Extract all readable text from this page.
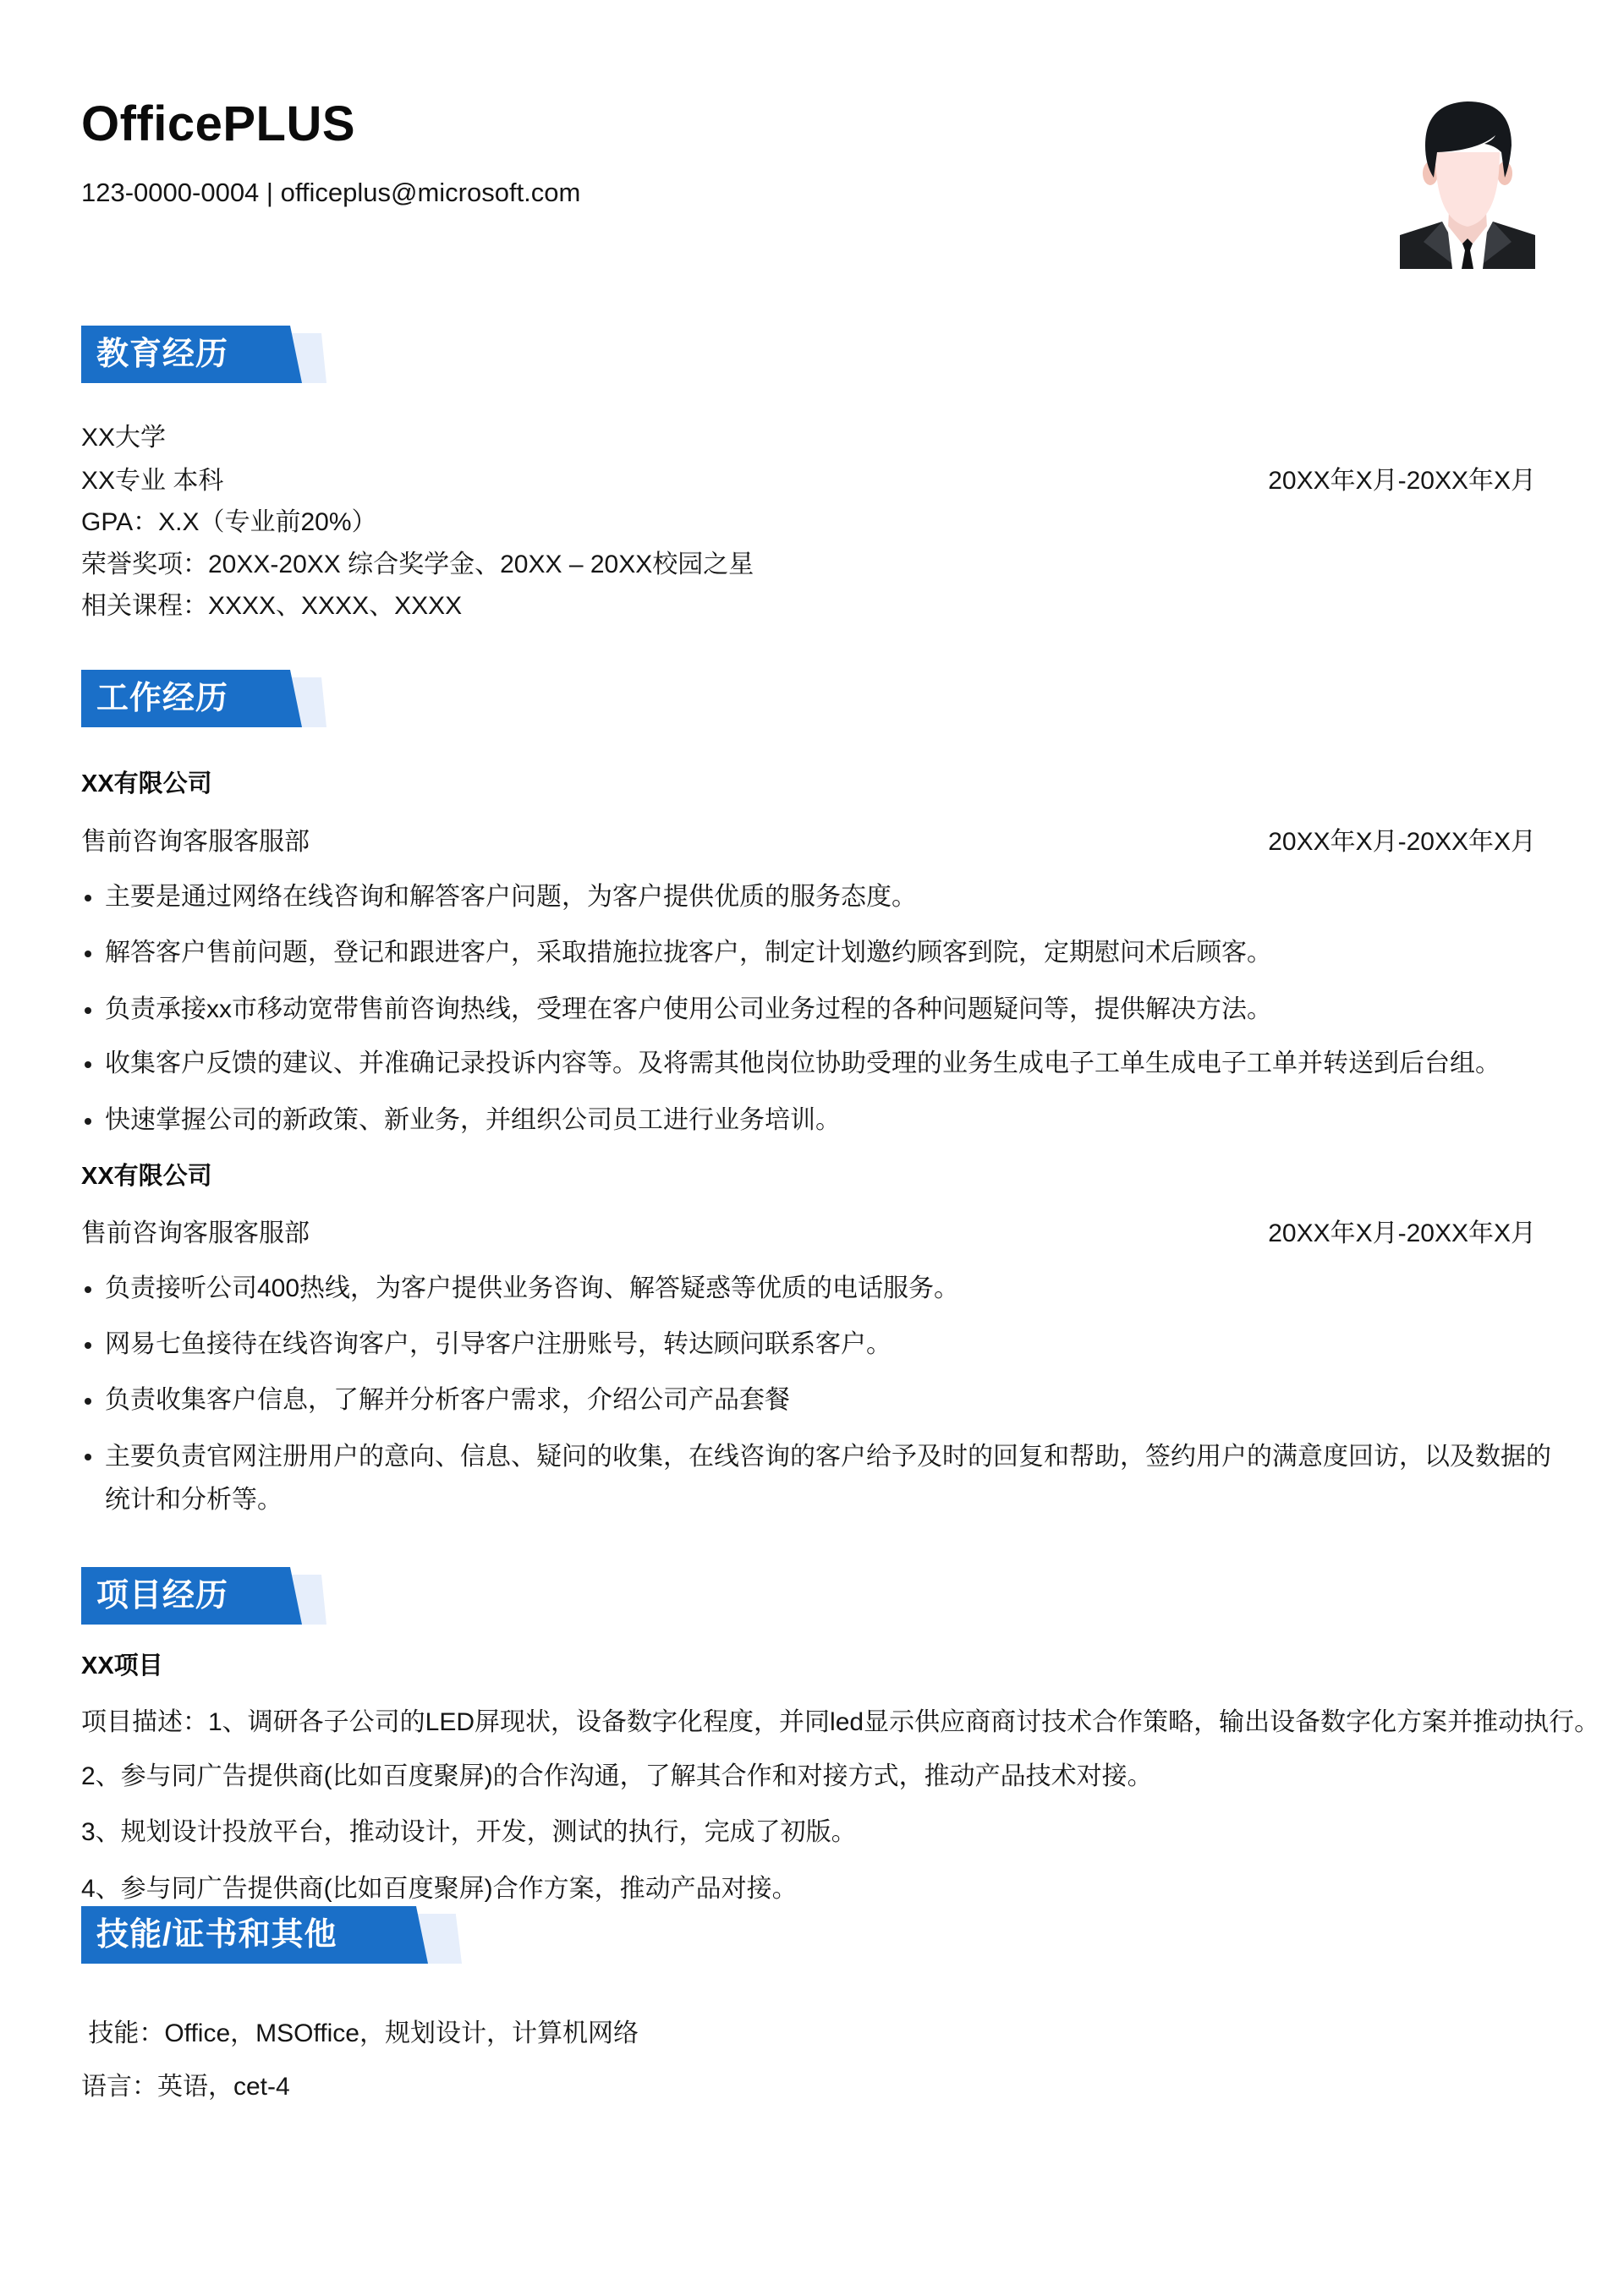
OfficePLUS
123-0000-0004 | officeplus@microsoft.com
教育经历
XX大学
XX专业 本科	20XX年X月-20XX年X月
GPA：X.X（专业前20%）
荣誉奖项：20XX-20XX 综合奖学金、20XX – 20XX校园之星
相关课程：XXXX、XXXX、XXXX
工作经历
XX有限公司
售前咨询客服客服部	20XX年X月-20XX年X月
主要是通过网络在线咨询和解答客户问题，为客户提供优质的服务态度。
解答客户售前问题，登记和跟进客户，采取措施拉拢客户，制定计划邀约顾客到院，定期慰问术后顾客。
负责承接xx市移动宽带售前咨询热线，受理在客户使用公司业务过程的各种问题疑问等，提供解决方法。
收集客户反馈的建议、并准确记录投诉内容等。及将需其他岗位协助受理的业务生成电子工单生成电子工单并转送到后台组。
快速掌握公司的新政策、新业务，并组织公司员工进行业务培训。
XX有限公司
售前咨询客服客服部	20XX年X月-20XX年X月
负责接听公司400热线，为客户提供业务咨询、解答疑惑等优质的电话服务。
网易七鱼接待在线咨询客户，引导客户注册账号，转达顾问联系客户。
负责收集客户信息，了解并分析客户需求，介绍公司产品套餐
主要负责官网注册用户的意向、信息、疑问的收集，在线咨询的客户给予及时的回复和帮助，签约用户的满意度回访，以及数据的统计和分析等。
项目经历
XX项目
项目描述：1、调研各子公司的LED屏现状，设备数字化程度，并同led显示供应商商讨技术合作策略，输出设备数字化方案并推动执行。
2、参与同广告提供商(比如百度聚屏)的合作沟通，了解其合作和对接方式，推动产品技术对接。
3、规划设计投放平台，推动设计，开发，测试的执行，完成了初版。
4、参与同广告提供商(比如百度聚屏)合作方案，推动产品对接。
技能/证书和其他
技能：Office，MSOffice，规划设计，计算机网络
语言：英语，cet-4
